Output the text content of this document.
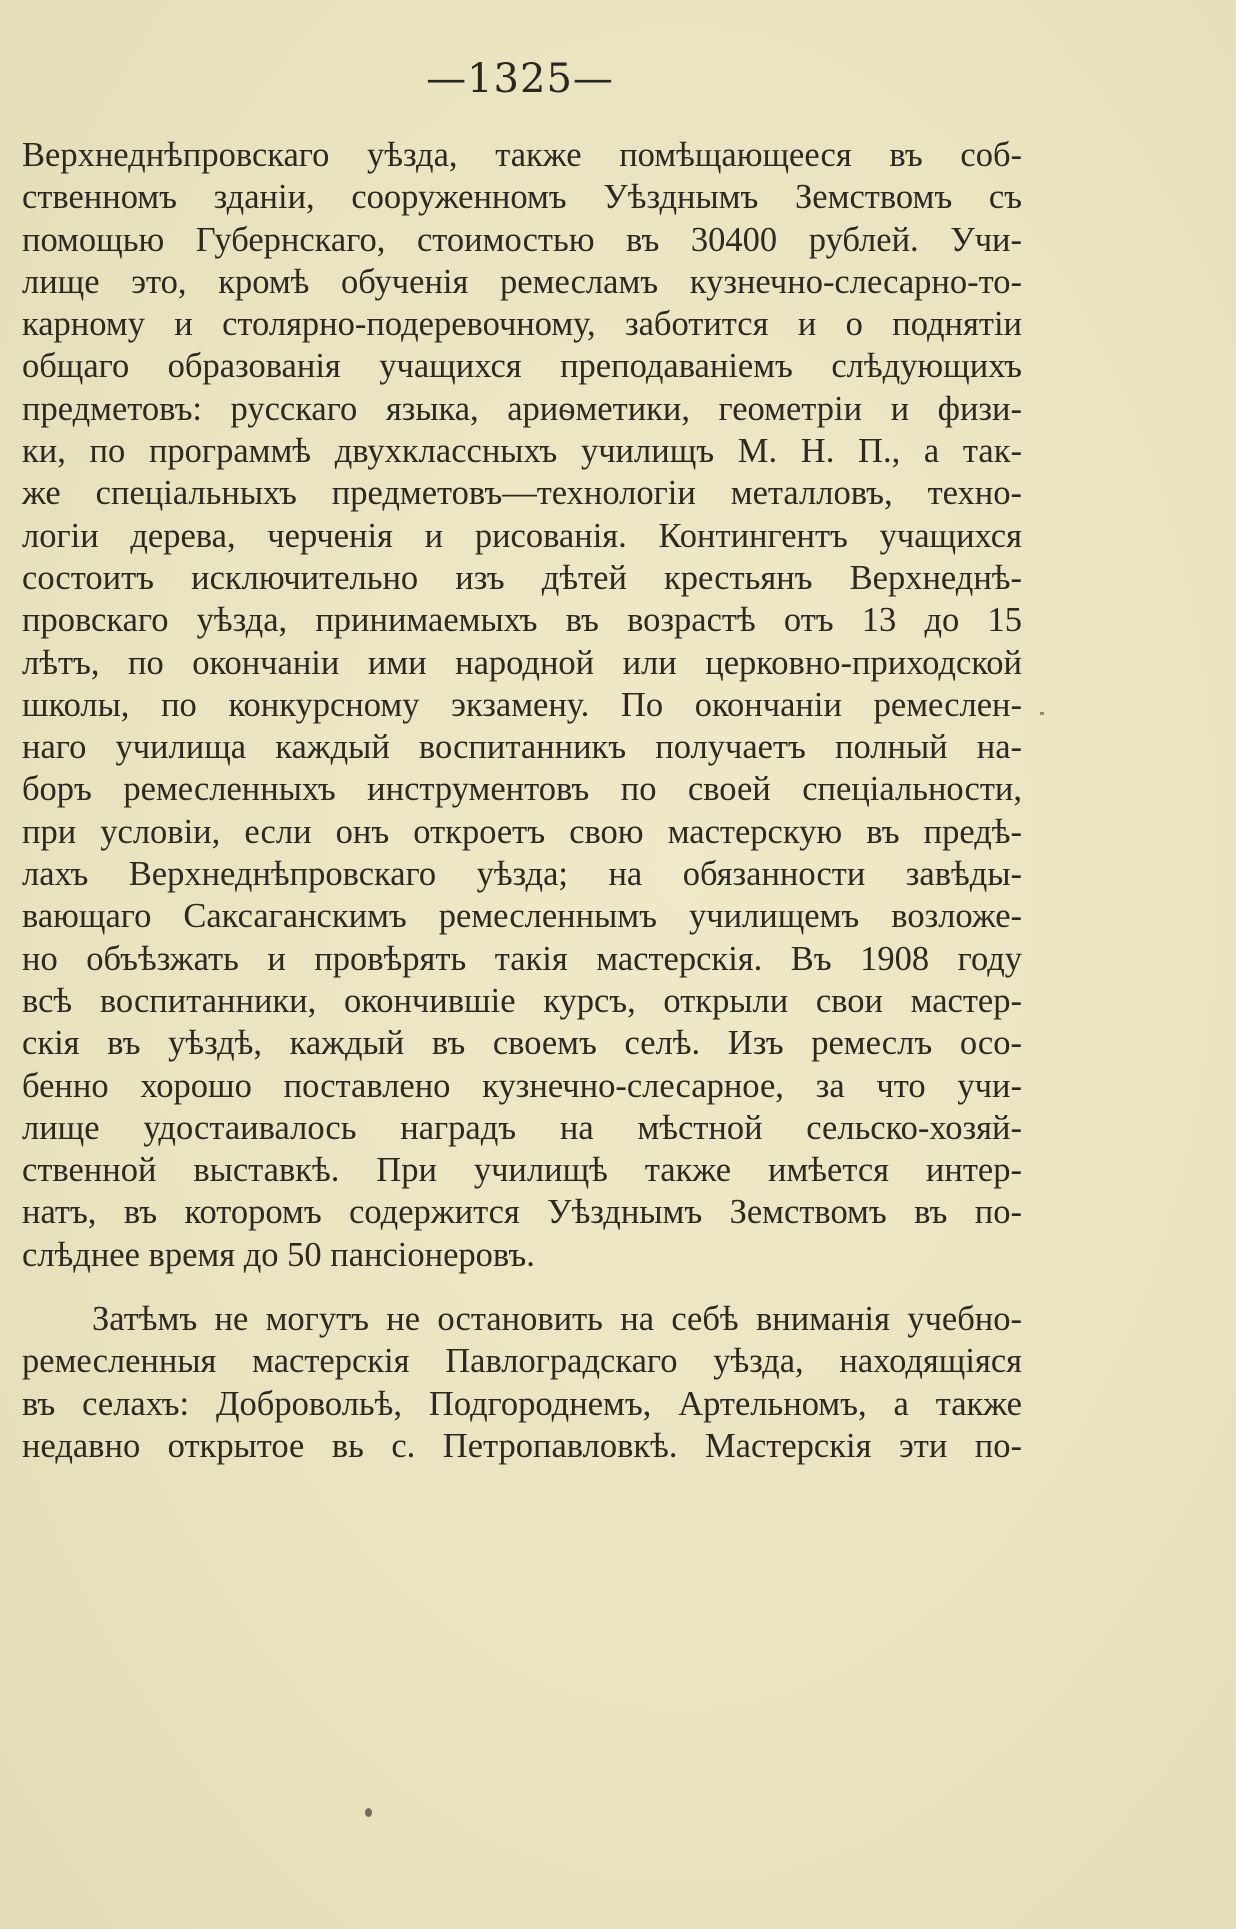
—1325—
Верхнеднѣпровскаго уѣзда, также помѣщающееся въ соб-
ственномъ зданіи, сооруженномъ Уѣзднымъ Земствомъ съ
помощью Губернскаго, стоимостью въ 30400 рублей. Учи-
лище это, кромѣ обученія ремесламъ кузнечно-слесарно-то-
карному и столярно-подеревочному, заботится и о поднятіи
общаго образованія учащихся преподаваніемъ слѣдующихъ
предметовъ: русскаго языка, ариѳметики, геометріи и физи-
ки, по программѣ двухклассныхъ училищъ М. Н. П., а так-
же спеціальныхъ предметовъ—технологіи металловъ, техно-
логіи дерева, черченія и рисованія. Контингентъ учащихся
состоитъ исключительно изъ дѣтей крестьянъ Верхнеднѣ-
провскаго уѣзда, принимаемыхъ въ возрастѣ отъ 13 до 15
лѣтъ, по окончаніи ими народной или церковно-приходской
школы, по конкурсному экзамену. По окончаніи ремеслен-
наго училища каждый воспитанникъ получаетъ полный на-
боръ ремесленныхъ инструментовъ по своей спеціальности,
при условіи, если онъ откроетъ свою мастерскую въ предѣ-
лахъ Верхнеднѣпровскаго уѣзда; на обязанности завѣды-
вающаго Саксаганскимъ ремесленнымъ училищемъ возложе-
но объѣзжать и провѣрять такія мастерскія. Въ 1908 году
всѣ воспитанники, окончившіе курсъ, открыли свои мастер-
скія въ уѣздѣ, каждый въ своемъ селѣ. Изъ ремеслъ осо-
бенно хорошо поставлено кузнечно-слесарное, за что учи-
лище удостаивалось наградъ на мѣстной сельско-хозяй-
ственной выставкѣ. При училищѣ также имѣется интер-
натъ, въ которомъ содержится Уѣзднымъ Земствомъ въ по-
слѣднее время до 50 пансіонеровъ.
Затѣмъ не могутъ не остановить на себѣ вниманія учебно-
ремесленныя мастерскія Павлоградскаго уѣзда, находящіяся
въ селахъ: Добровольѣ, Подгороднемъ, Артельномъ, а также
недавно открытое вь с. Петропавловкѣ. Мастерскія эти по-
